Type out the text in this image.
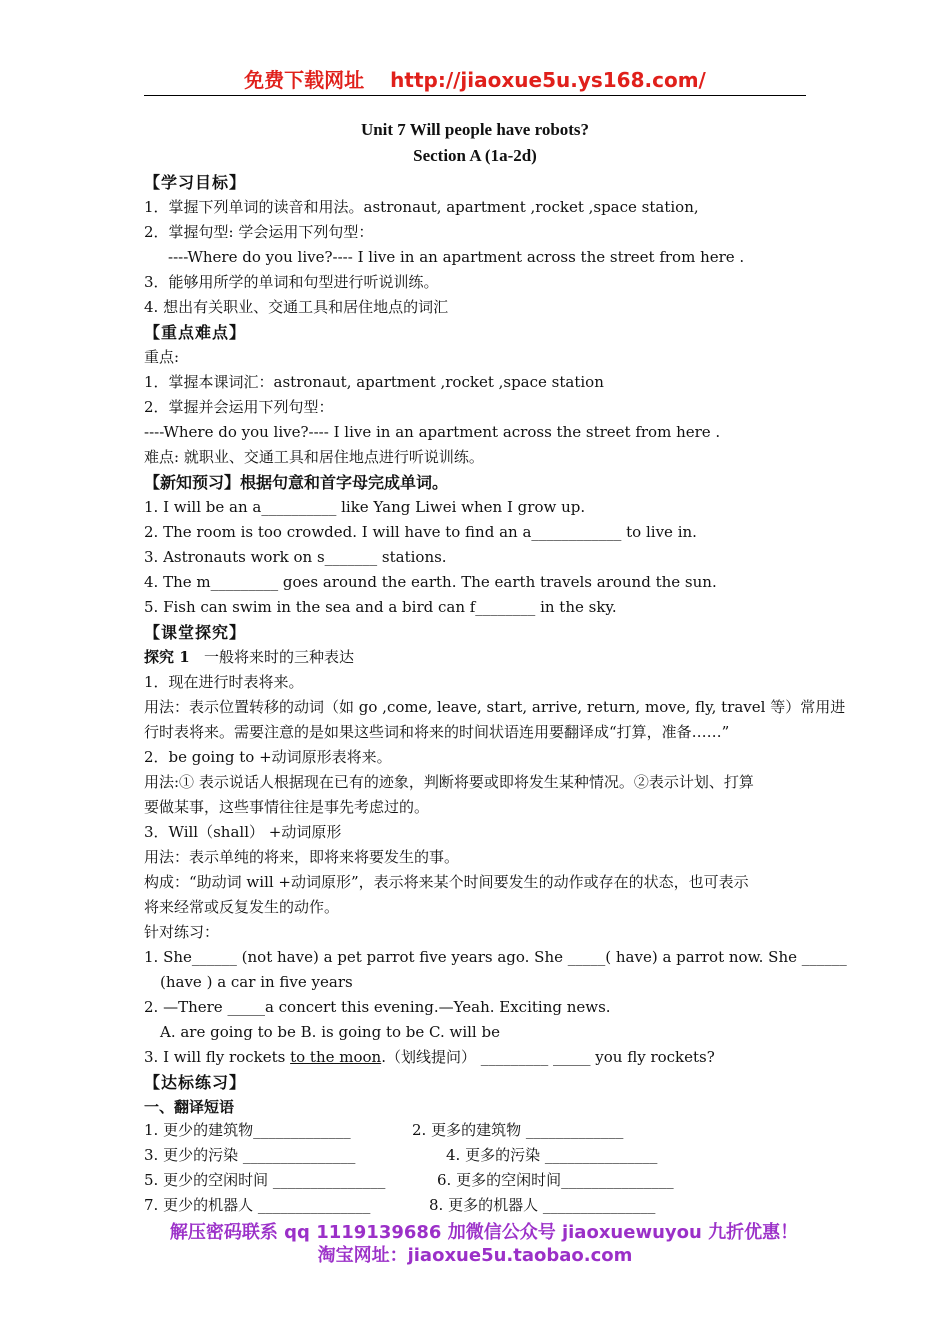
免费下载网址 http://jiaoxue5u.ys168.com/
Unit 7 Will people have robots?
Section A (1a-2d)
【学习目标】
1．掌握下列单词的读音和用法。astronaut, apartment ,rocket ,space station,
2．掌握句型: 学会运用下列句型：
----Where do you live?---- I live in an apartment across the street from here .
3．能够用所学的单词和句型进行听说训练。
4. 想出有关职业、交通工具和居住地点的词汇
【重点难点】
重点:
1．掌握本课词汇：astronaut, apartment ,rocket ,space station
2．掌握并会运用下列句型：
----Where do you live?---- I live in an apartment across the street from here .
难点: 就职业、交通工具和居住地点进行听说训练。
【新知预习】根据句意和首字母完成单词。
1. I will be an a__________ like Yang Liwei when I grow up.
2. The room is too crowded. I will have to find an a____________ to live in.
3. Astronauts work on s_______ stations.
4. The m_________ goes around the earth. The earth travels around the sun.
5. Fish can swim in the sea and a bird can f________ in the sky.
【课堂探究】
探究 1 一般将来时的三种表达
1．现在进行时表将来。
用法：表示位置转移的动词（如 go ,come, leave, start, arrive, return, move, fly, travel 等）常用进
行时表将来。需要注意的是如果这些词和将来的时间状语连用要翻译成“打算，准备……”
2．be going to +动词原形表将来。
用法:① 表示说话人根据现在已有的迹象，判断将要或即将发生某种情况。②表示计划、打算
要做某事，这些事情往往是事先考虑过的。
3．Will（shall） +动词原形
用法：表示单纯的将来，即将来将要发生的事。
构成：“助动词 will +动词原形”，表示将来某个时间要发生的动作或存在的状态，也可表示
将来经常或反复发生的动作。
针对练习：
1. She______ (not have) a pet parrot five years ago. She _____( have) a parrot now. She ______
(have ) a car in five years
2. —There _____a concert this evening.—Yeah. Exciting news.
A. are going to be B. is going to be C. will be
3. I will fly rockets to the moon.（划线提问） _________ _____ you fly rockets?
【达标练习】
一、翻译短语
1. 更少的建筑物_____________	2. 更多的建筑物 _____________
3. 更少的污染 _______________	4. 更多的污染 _______________
5. 更少的空闲时间 _______________	6. 更多的空闲时间_______________
7. 更少的机器人 _______________	8. 更多的机器人 _______________
解压密码联系 qq 1119139686 加微信公众号 jiaoxuewuyou 九折优惠！
淘宝网址：jiaoxue5u.taobao.com
